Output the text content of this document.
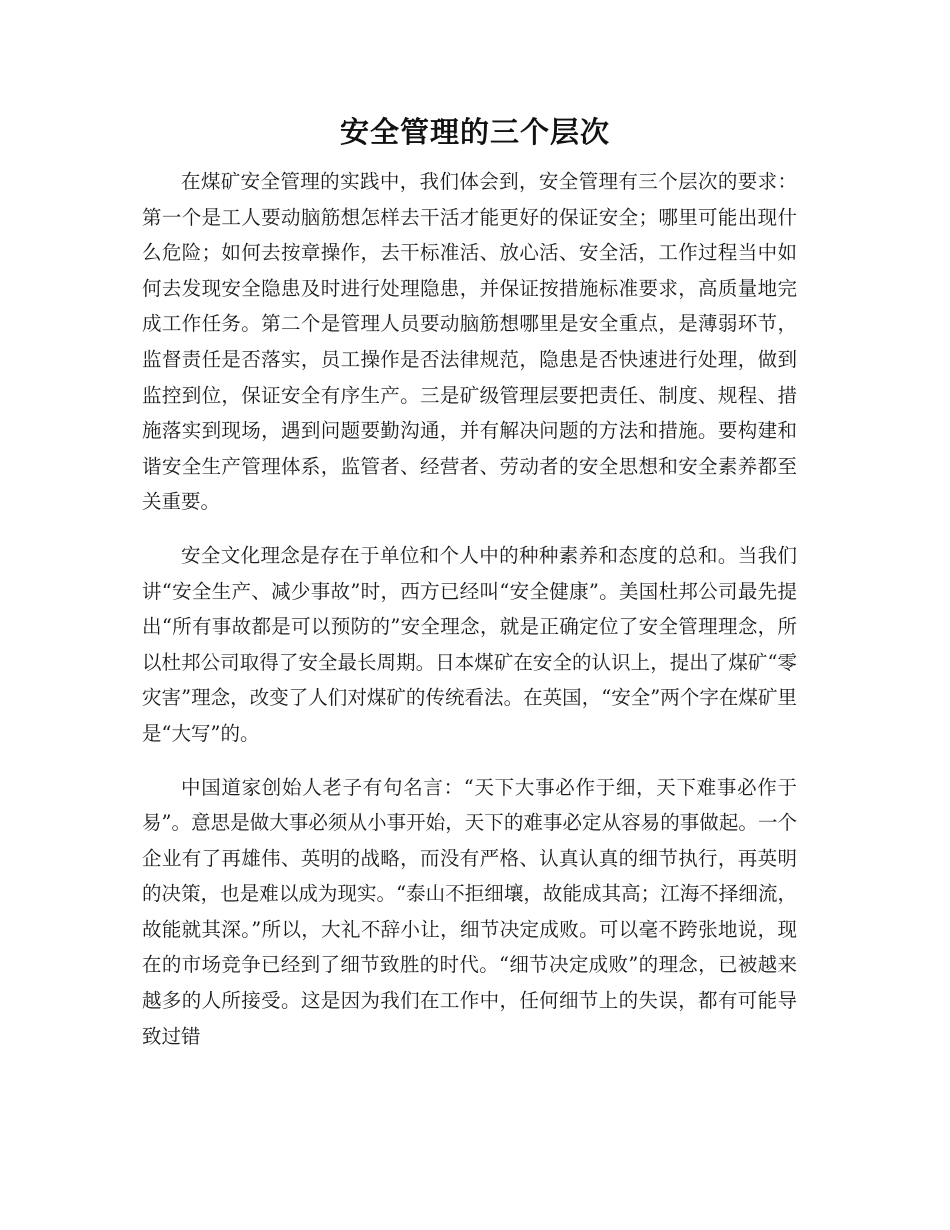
安全管理的三个层次

在煤矿安全管理的实践中，我们体会到，安全管理有三个层次的要求：第一个是工人要动脑筋想怎样去干活才能更好的保证安全；哪里可能出现什么危险；如何去按章操作，去干标准活、放心活、安全活，工作过程当中如何去发现安全隐患及时进行处理隐患，并保证按措施标准要求，高质量地完成工作任务。第二个是管理人员要动脑筋想哪里是安全重点，是薄弱环节，监督责任是否落实，员工操作是否法律规范，隐患是否快速进行处理，做到监控到位，保证安全有序生产。三是矿级管理层要把责任、制度、规程、措施落实到现场，遇到问题要勤沟通，并有解决问题的方法和措施。要构建和谐安全生产管理体系，监管者、经营者、劳动者的安全思想和安全素养都至关重要。

安全文化理念是存在于单位和个人中的种种素养和态度的总和。当我们讲“安全生产、减少事故”时，西方已经叫“安全健康”。美国杜邦公司最先提出“所有事故都是可以预防的”安全理念，就是正确定位了安全管理理念，所以杜邦公司取得了安全最长周期。日本煤矿在安全的认识上，提出了煤矿“零灾害”理念，改变了人们对煤矿的传统看法。在英国，“安全”两个字在煤矿里是“大写”的。

中国道家创始人老子有句名言：“天下大事必作于细，天下难事必作于易”。意思是做大事必须从小事开始，天下的难事必定从容易的事做起。一个企业有了再雄伟、英明的战略，而没有严格、认真认真的细节执行，再英明的决策，也是难以成为现实。“泰山不拒细壤，故能成其高；江海不择细流，故能就其深。”所以，大礼不辞小让，细节决定成败。可以毫不跨张地说，现在的市场竞争已经到了细节致胜的时代。“细节决定成败”的理念，已被越来越多的人所接受。这是因为我们在工作中，任何细节上的失误，都有可能导致过错
